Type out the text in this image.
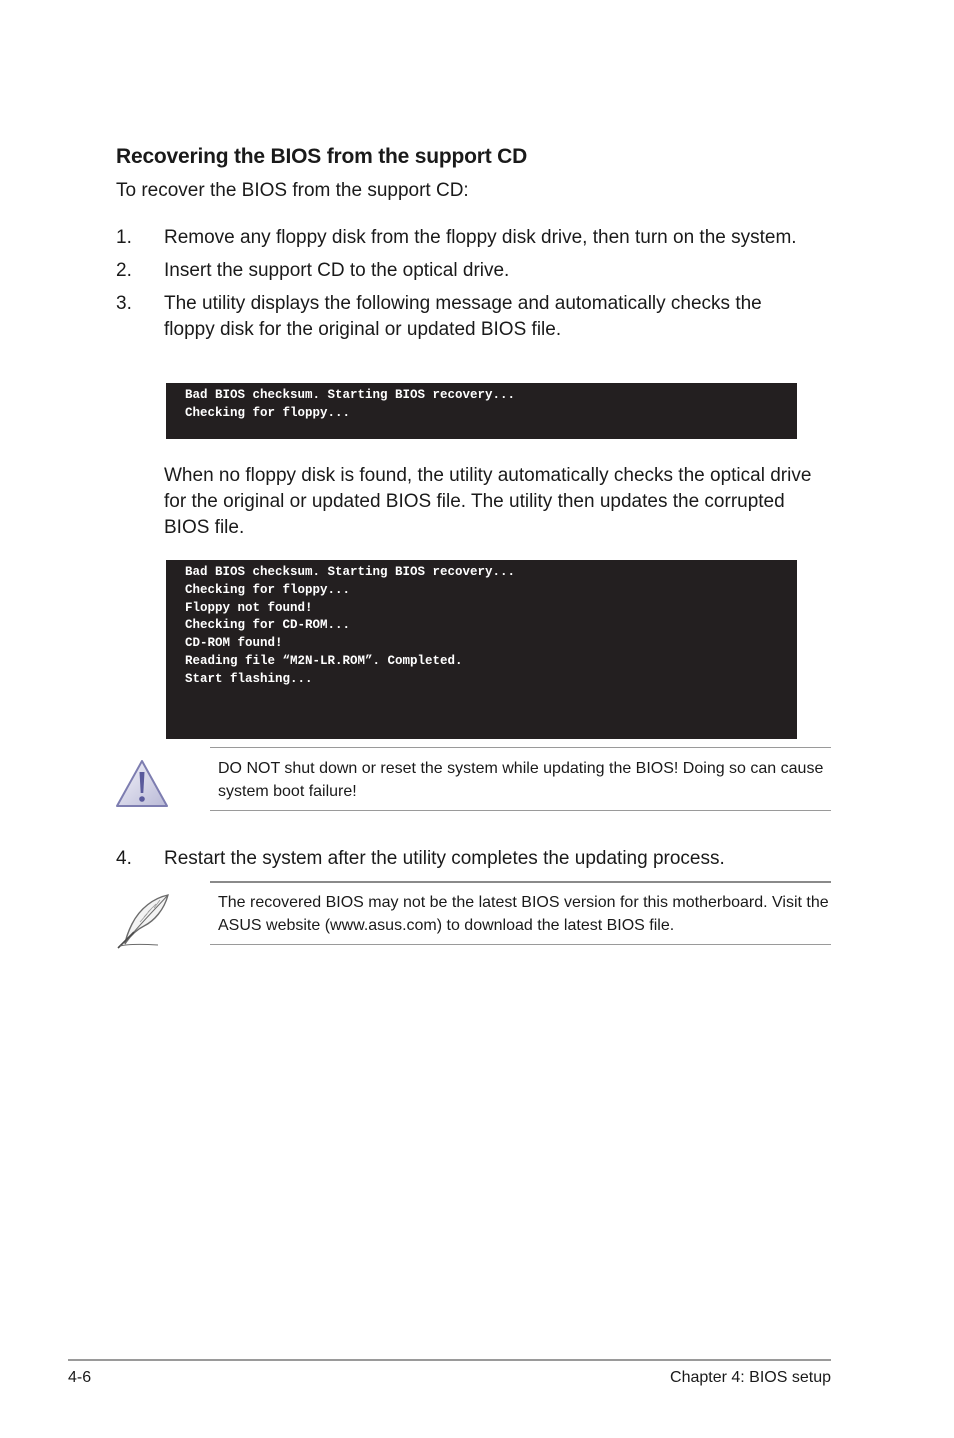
Recovering the BIOS from the support CD
To recover the BIOS from the support CD:
1. Remove any floppy disk from the floppy disk drive, then turn on the system.
2. Insert the support CD to the optical drive.
3. The utility displays the following message and automatically checks the floppy disk for the original or updated BIOS file.
Bad BIOS checksum. Starting BIOS recovery...
Checking for floppy...
When no floppy disk is found, the utility automatically checks the optical drive for the original or updated BIOS file. The utility then updates the corrupted BIOS file.
Bad BIOS checksum. Starting BIOS recovery...
Checking for floppy...
Floppy not found!
Checking for CD-ROM...
CD-ROM found!
Reading file “M2N-LR.ROM”. Completed.
Start flashing...
DO NOT shut down or reset the system while updating the BIOS! Doing so can cause system boot failure!
4. Restart the system after the utility completes the updating process.
The recovered BIOS may not be the latest BIOS version for this motherboard. Visit the ASUS website (www.asus.com) to download the latest BIOS file.
4-6	Chapter 4: BIOS setup
